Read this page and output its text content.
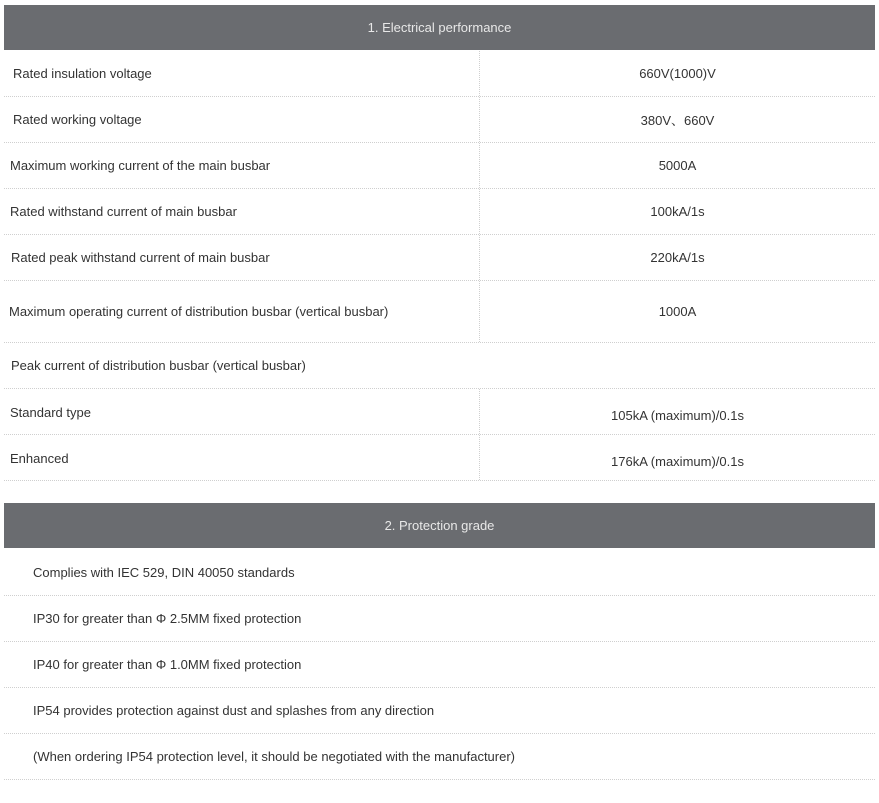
1. Electrical performance
Rated insulation voltage	660V(1000)V
Rated working voltage	380V、660V
Maximum working current of the main busbar	5000A
Rated withstand current of main busbar	100kA/1s
Rated peak withstand current of main busbar	220kA/1s
Maximum operating current of distribution busbar (vertical busbar)	1000A
Peak current of distribution busbar (vertical busbar)
Standard type	105kA (maximum)/0.1s
Enhanced	176kA (maximum)/0.1s
2. Protection grade
Complies with IEC 529, DIN 40050 standards
IP30 for greater than Φ 2.5MM fixed protection
IP40 for greater than Φ 1.0MM fixed protection
IP54 provides protection against dust and splashes from any direction
(When ordering IP54 protection level, it should be negotiated with the manufacturer)
